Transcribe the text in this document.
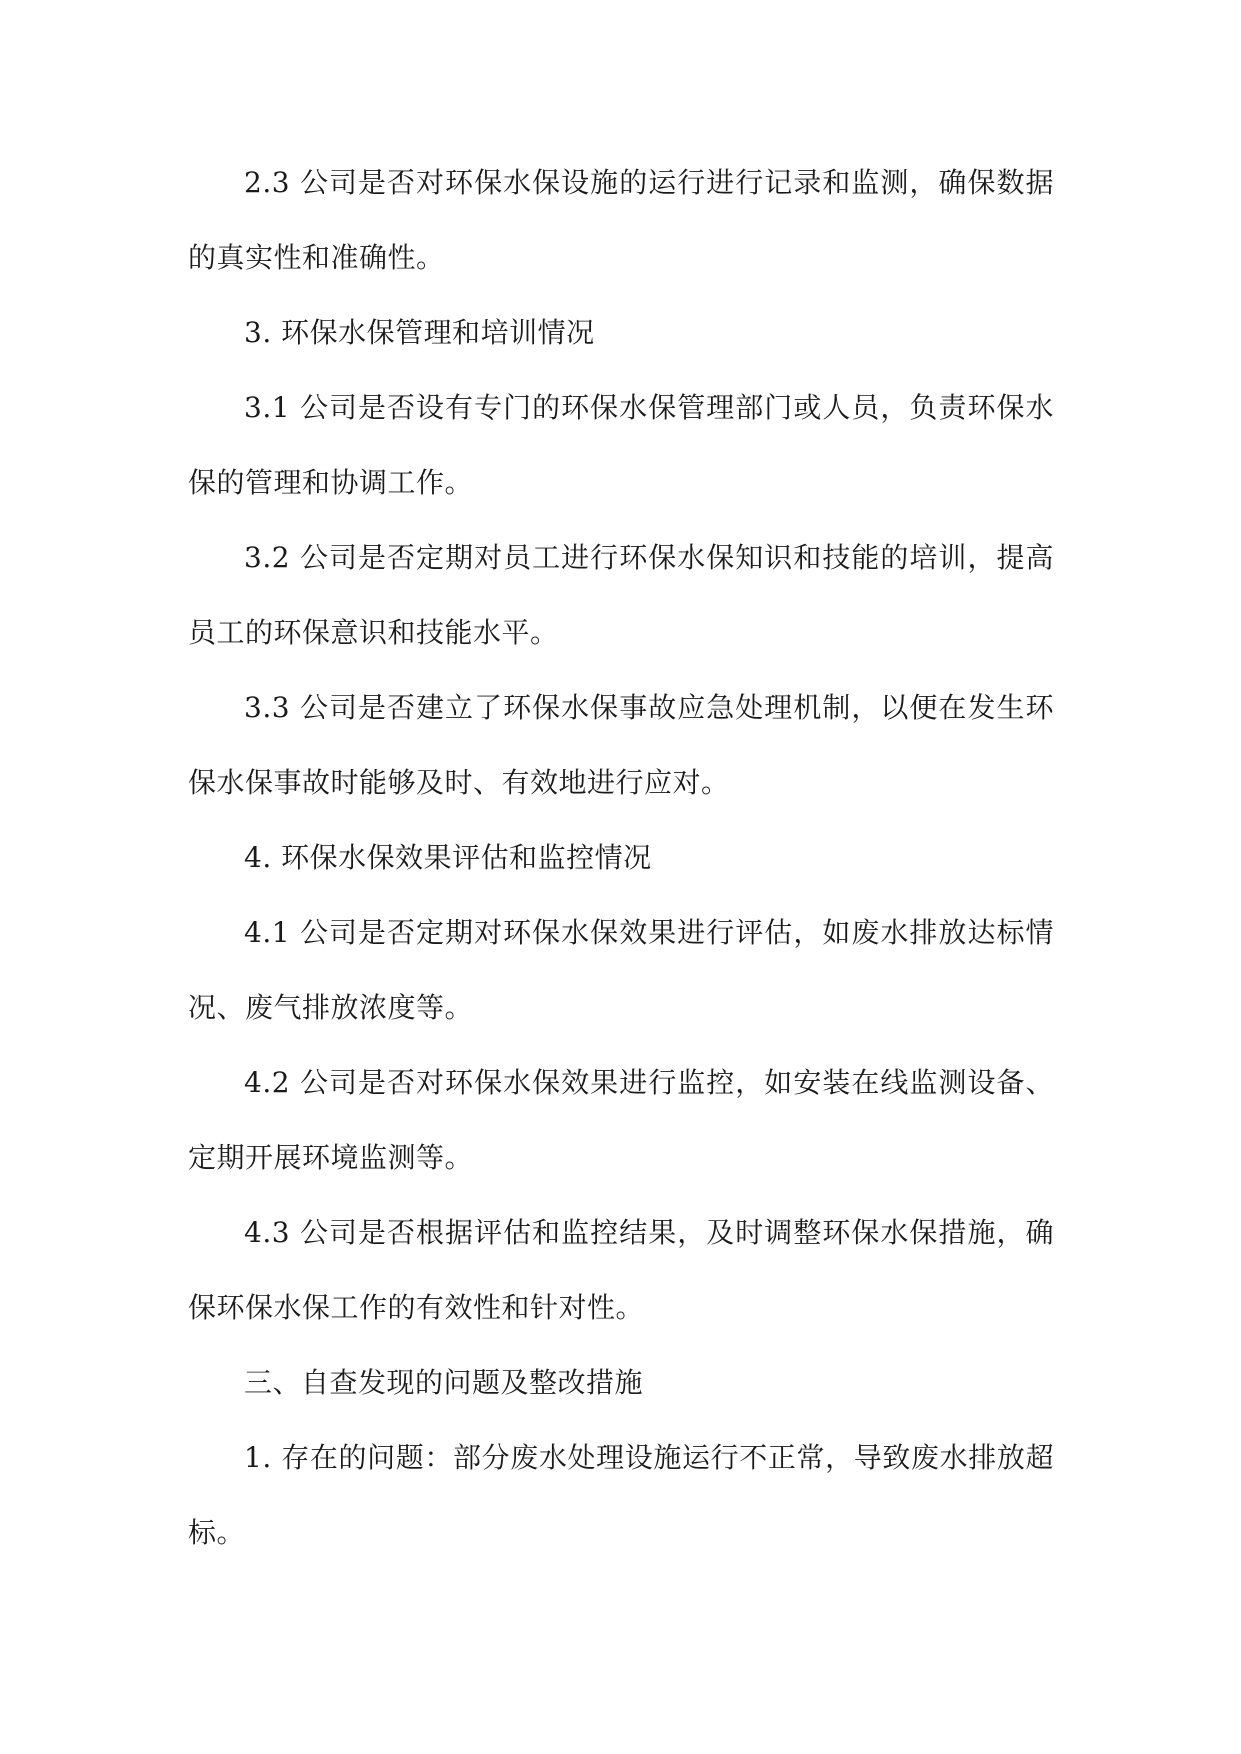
2.3 公司是否对环保水保设施的运行进行记录和监测，确保数据的真实性和准确性。

3. 环保水保管理和培训情况

3.1 公司是否设有专门的环保水保管理部门或人员，负责环保水保的管理和协调工作。

3.2 公司是否定期对员工进行环保水保知识和技能的培训，提高员工的环保意识和技能水平。

3.3 公司是否建立了环保水保事故应急处理机制，以便在发生环保水保事故时能够及时、有效地进行应对。

4. 环保水保效果评估和监控情况

4.1 公司是否定期对环保水保效果进行评估，如废水排放达标情况、废气排放浓度等。

4.2 公司是否对环保水保效果进行监控，如安装在线监测设备、定期开展环境监测等。

4.3 公司是否根据评估和监控结果，及时调整环保水保措施，确保环保水保工作的有效性和针对性。

三、自查发现的问题及整改措施

1. 存在的问题：部分废水处理设施运行不正常，导致废水排放超标。
